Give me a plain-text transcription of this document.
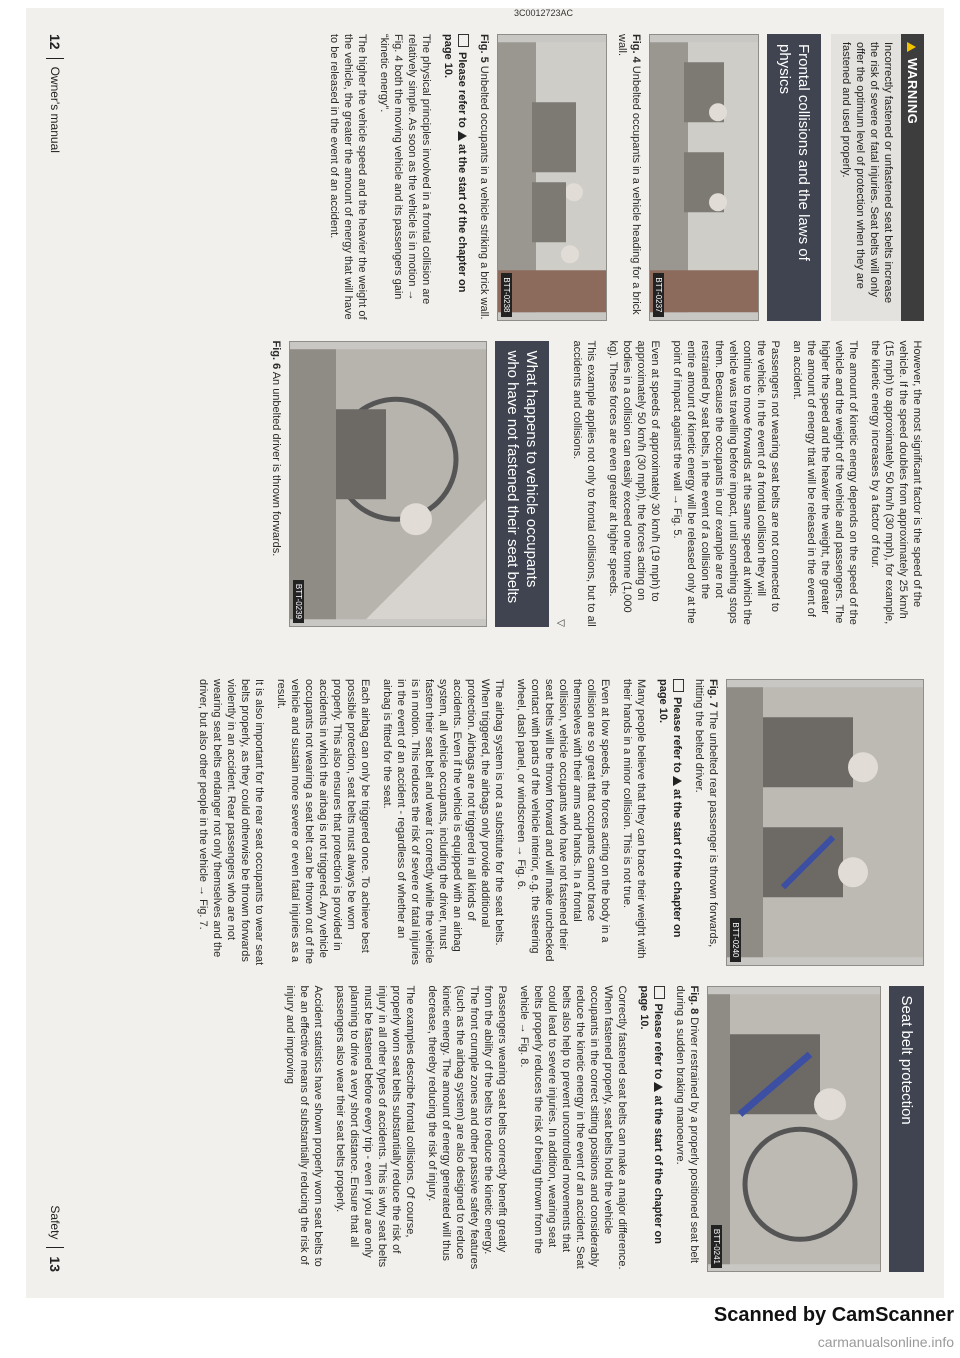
3C0012723AC
WARNING
Incorrectly fastened or unfastened seat belts increase the risk of severe or fatal injuries. Seat belts will only offer the optimum level of protection when they are fastened and used properly.
Frontal collisions and the laws of physics
BTT-0237
Fig. 4 Unbelted occupants in a vehicle heading for a brick wall.
BTT-0238
Fig. 5 Unbelted occupants in a vehicle striking a brick wall.
Please refer to  at the start of the chapter on page 10.

The physical principles involved in a frontal collision are relatively simple. As soon as the vehicle is in motion → Fig. 4 both the moving vehicle and its passengers gain “kinetic energy”.

The higher the vehicle speed and the heavier the weight of the vehicle, the greater the amount of energy that will have to be released in the event of an accident.

However, the most significant factor is the speed of the vehicle. If the speed doubles from approximately 25 km/h (15 mph) to approximately 50 km/h (30 mph), for example, the kinetic energy increases by a factor of four.

The amount of kinetic energy depends on the speed of the vehicle and the weight of the vehicle and passengers. The higher the speed and the heavier the weight, the greater the amount of energy that will be released in the event of an accident.

Passengers not wearing seat belts are not connected to the vehicle. In the event of a frontal collision they will continue to move forwards at the same speed at which the vehicle was travelling before impact, until something stops them. Because the occupants in our example are not restrained by seat belts, in the event of a collision the entire amount of kinetic energy will be released only at the point of impact against the wall → Fig. 5.

Even at speeds of approximately 30 km/h (19 mph) to approximately 50 km/h (30 mph), the forces acting on bodies in a collision can easily exceed one tonne (1,000 kg). These forces are even greater at higher speeds.

This example applies not only to frontal collisions, but to all accidents and collisions.

▽
What happens to vehicle occupants who have not fastened their seat belts
BTT-0239
Fig. 6 An unbelted driver is thrown forwards.
12
Owner's manual
BTT-0240
Fig. 7 The unbelted rear passenger is thrown forwards, hitting the belted driver.
Please refer to  at the start of the chapter on page 10.

Many people believe that they can brace their weight with their hands in a minor collision. This is not true.

Even at low speeds, the forces acting on the body in a collision are so great that occupants cannot brace themselves with their arms and hands. In a frontal collision, vehicle occupants who have not fastened their seat belts will be thrown forward and will make unchecked contact with parts of the vehicle interior, e.g. the steering wheel, dash panel, or windscreen → Fig. 6.

The airbag system is not a substitute for the seat belts. When triggered, the airbags only provide additional protection. Airbags are not triggered in all kinds of accidents. Even if the vehicle is equipped with an airbag system, all vehicle occupants, including the driver, must fasten their seat belt and wear it correctly while the vehicle is in motion. This reduces the risk of severe or fatal injuries in the event of an accident - regardless of whether an airbag is fitted for the seat.

Each airbag can only be triggered once. To achieve best possible protection, seat belts must always be worn properly. This also ensures that protection is provided in accidents in which the airbag is not triggered. Any vehicle occupants not wearing a seat belt can be thrown out of the vehicle and sustain more severe or even fatal injuries as a result.

It is also important for the rear seat occupants to wear seat belts properly, as they could otherwise be thrown forwards violently in an accident. Rear passengers who are not wearing seat belts endanger not only themselves and the driver, but also other people in the vehicle → Fig. 7.

Seat belt protection
BTT-0241
Fig. 8 Driver restrained by a properly positioned seat belt during a sudden braking manoeuvre.
Please refer to  at the start of the chapter on page 10.

Correctly fastened seat belts can make a major difference. When fastened properly, seat belts hold the vehicle occupants in the correct sitting positions and considerably reduce the kinetic energy in the event of an accident. Seat belts also help to prevent uncontrolled movements that could lead to severe injuries. In addition, wearing seat belts properly reduces the risk of being thrown from the vehicle → Fig. 8.

Passengers wearing seat belts correctly benefit greatly from the ability of the belts to reduce the kinetic energy. The front crumple zones and other passive safety features (such as the airbag system) are also designed to reduce kinetic energy. The amount of energy generated will thus decrease, thereby reducing the risk of injury.

The examples describe frontal collisions. Of course, properly worn seat belts substantially reduce the risk of injury in all other types of accidents. This is why seat belts must be fastened before every trip - even if you are only planning to drive a very short distance. Ensure that all passengers also wear their seat belts properly.

Accident statistics have shown properly worn seat belts to be an effective means of substantially reducing the risk of injury and improving

Safety
13
Scanned by CamScanner
carmanualsonline.info
